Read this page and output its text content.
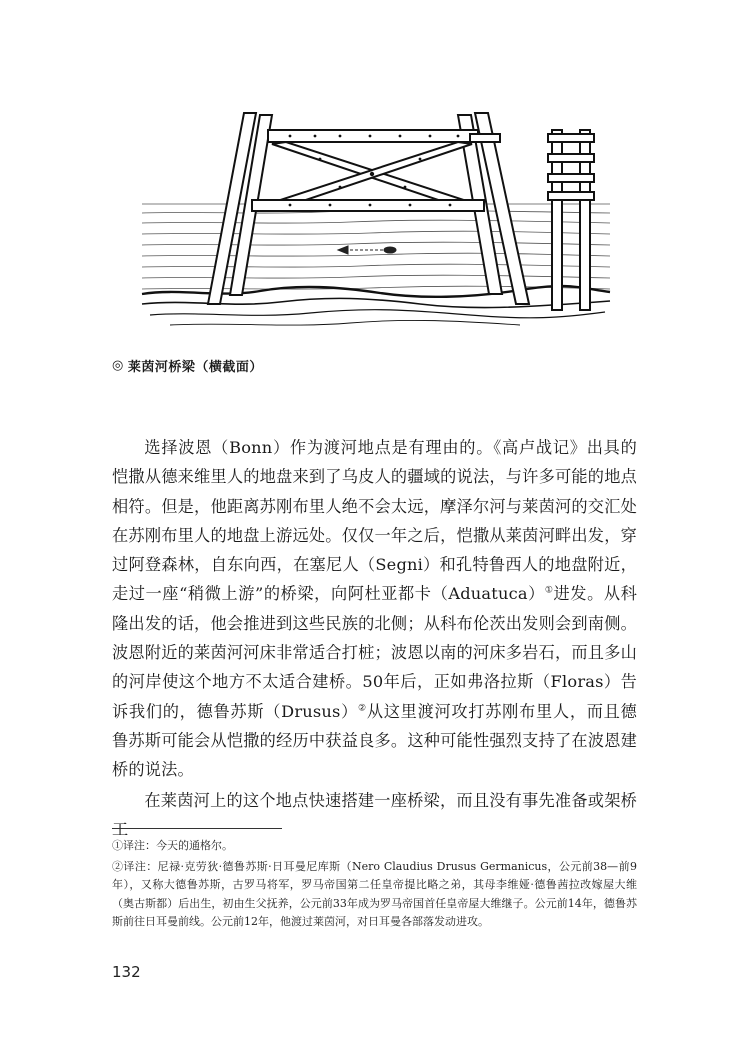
◎ 莱茵河桥梁（横截面）

选择波恩（Bonn）作为渡河地点是有理由的。《高卢战记》出具的恺撒从德来维里人的地盘来到了乌皮人的疆域的说法，与许多可能的地点相符。但是，他距离苏刚布里人绝不会太远，摩泽尔河与莱茵河的交汇处在苏刚布里人的地盘上游远处。仅仅一年之后，恺撒从莱茵河畔出发，穿过阿登森林，自东向西，在塞尼人（Segni）和孔特鲁西人的地盘附近，走过一座“稍微上游”的桥梁，向阿杜亚都卡（Aduatuca）①进发。从科隆出发的话，他会推进到这些民族的北侧；从科布伦茨出发则会到南侧。波恩附近的莱茵河河床非常适合打桩；波恩以南的河床多岩石，而且多山的河岸使这个地方不太适合建桥。50年后，正如弗洛拉斯（Floras）告诉我们的，德鲁苏斯（Drusus）②从这里渡河攻打苏刚布里人，而且德鲁苏斯可能会从恺撒的经历中获益良多。这种可能性强烈支持了在波恩建桥的说法。

在莱茵河上的这个地点快速搭建一座桥梁，而且没有事先准备或架桥工

①译注：今天的通格尔。

②译注：尼禄·克劳狄·德鲁苏斯·日耳曼尼库斯（Nero Claudius Drusus Germanicus，公元前38—前9年），又称大德鲁苏斯，古罗马将军，罗马帝国第二任皇帝提比略之弟，其母李维娅·德鲁茜拉改嫁屋大维（奥古斯都）后出生，初由生父抚养，公元前33年成为罗马帝国首任皇帝屋大维继子。公元前14年，德鲁苏斯前往日耳曼前线。公元前12年，他渡过莱茵河，对日耳曼各部落发动进攻。

132
